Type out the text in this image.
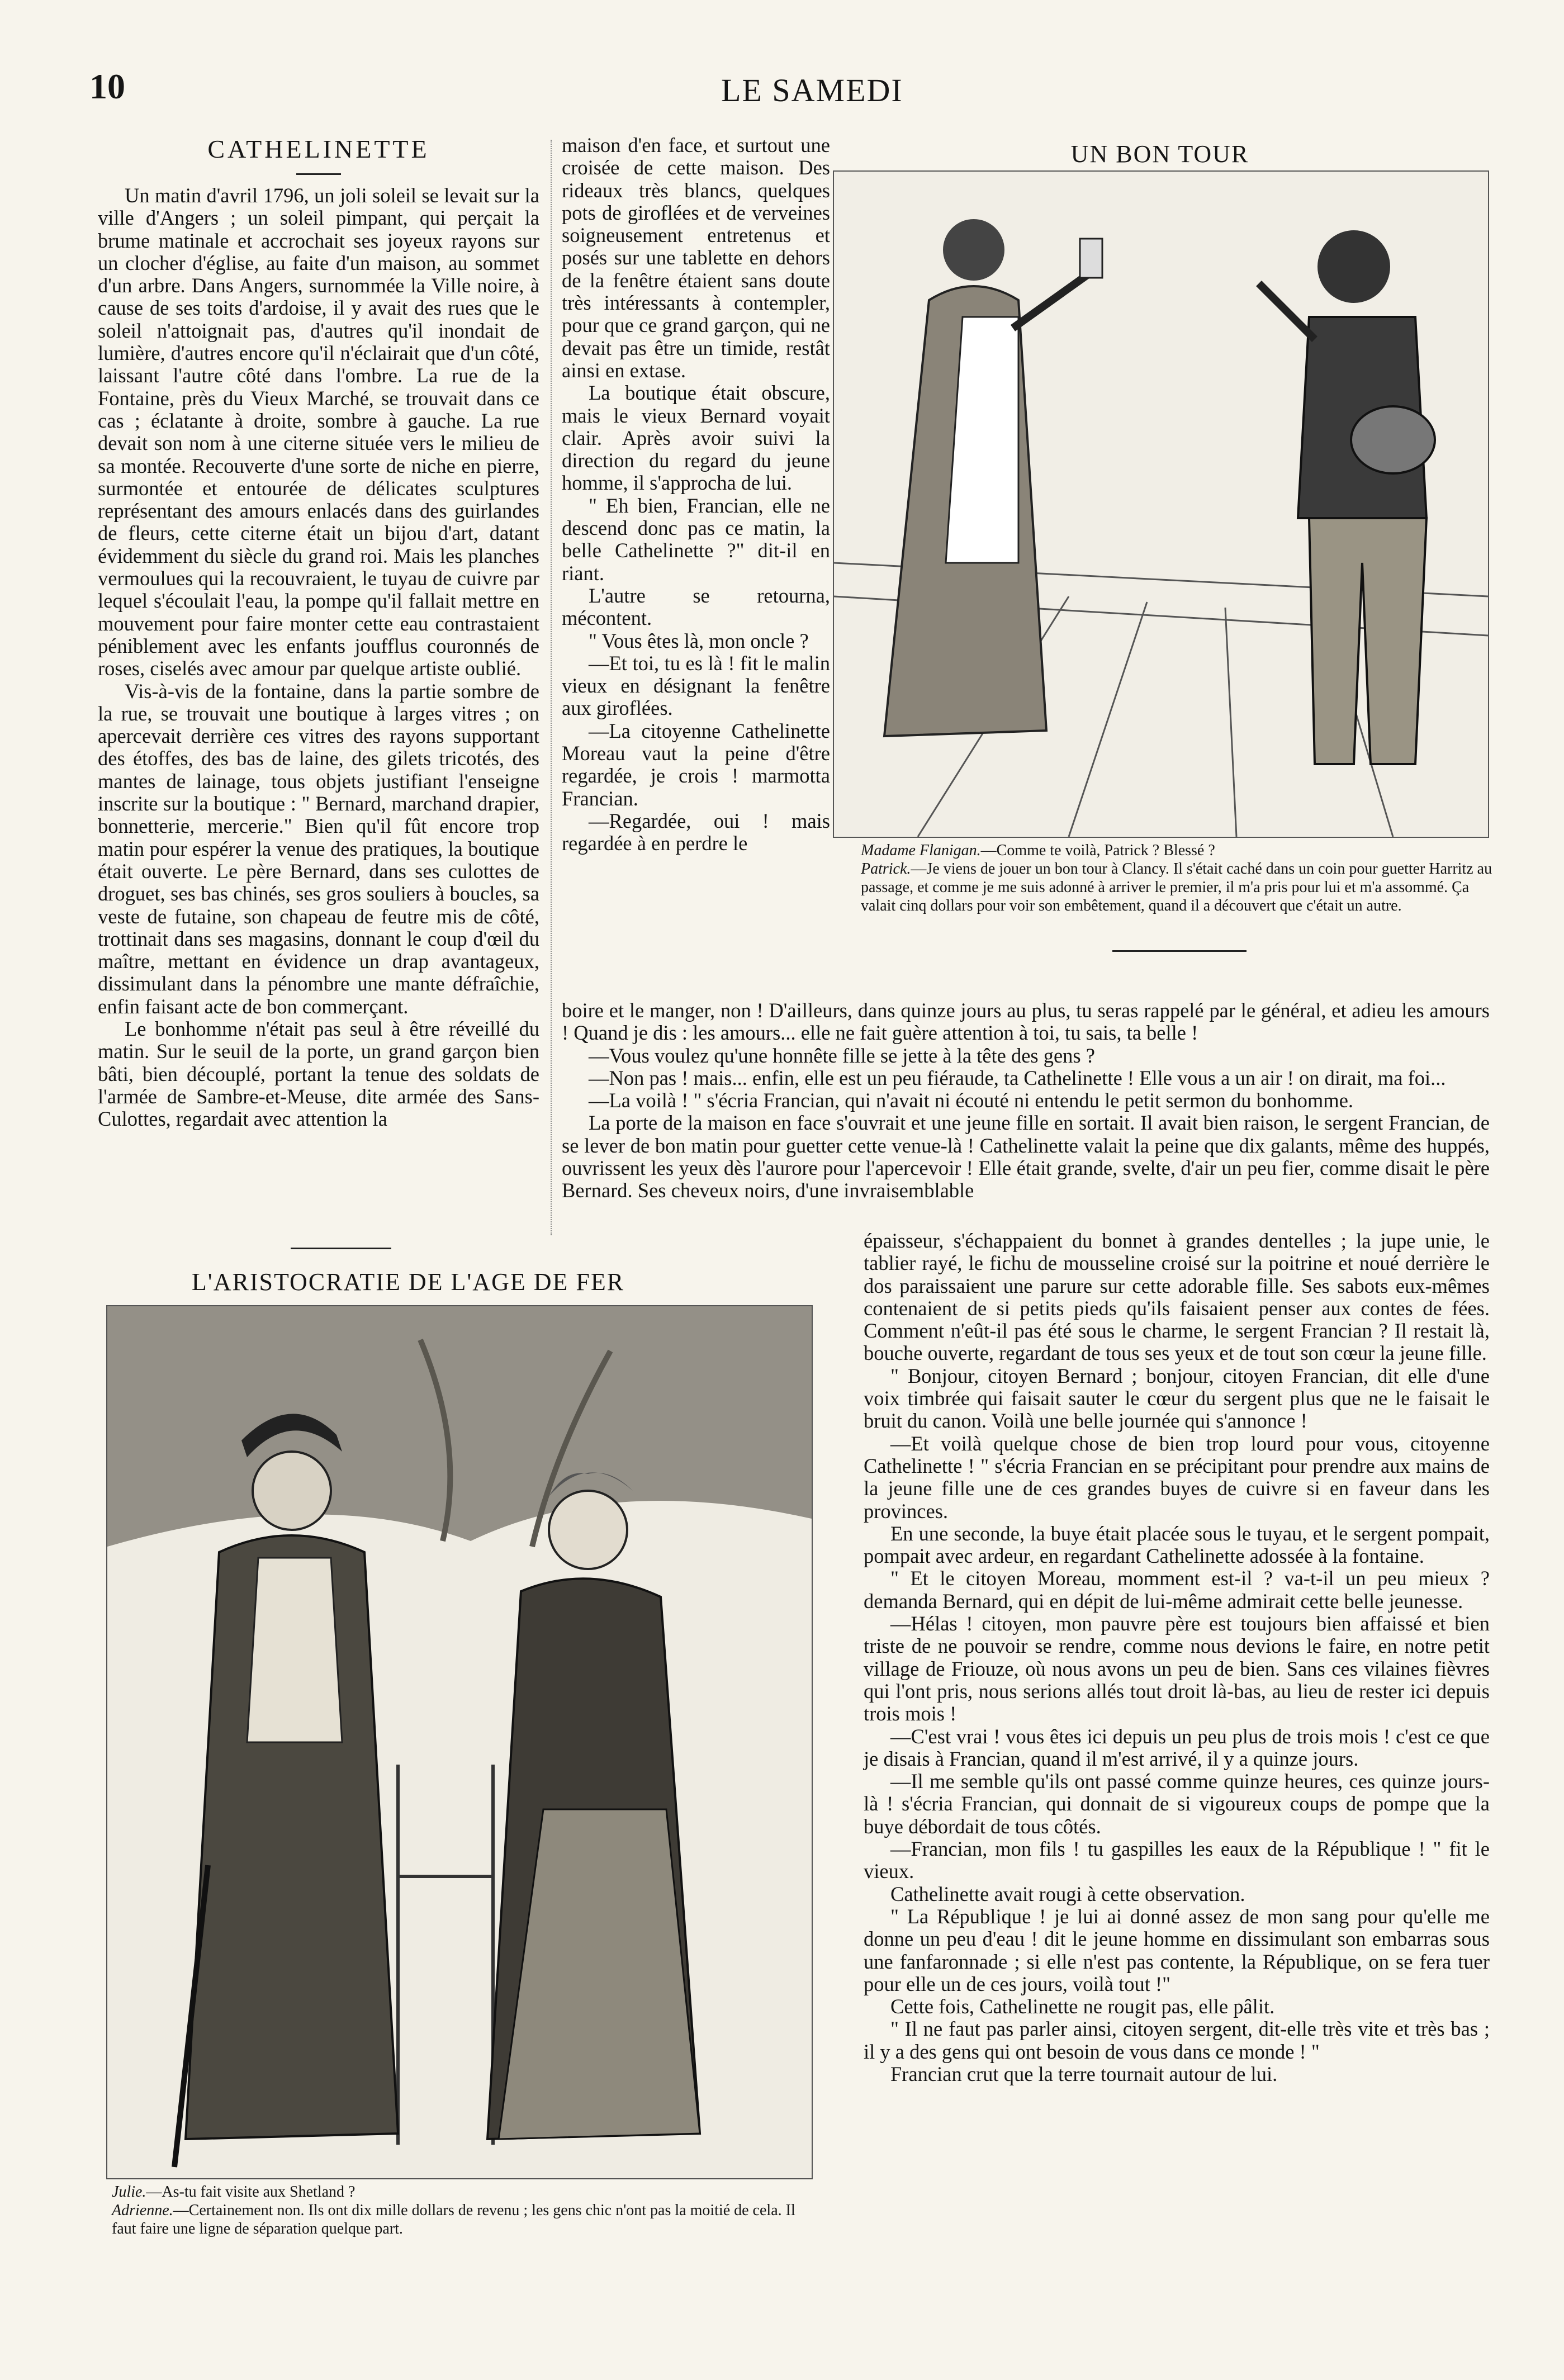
10	LE SAMEDI
CATHELINETTE

Un matin d'avril 1796, un joli soleil se levait sur la ville d'Angers ; un soleil pimpant, qui perçait la brume matinale et accrochait ses joyeux rayons sur un clocher d'église, au faite d'un maison, au sommet d'un arbre. Dans Angers, surnommée la Ville noire, à cause de ses toits d'ardoise, il y avait des rues que le soleil n'attoignait pas, d'autres qu'il inondait de lumière, d'autres encore qu'il n'éclairait que d'un côté, laissant l'autre côté dans l'ombre. La rue de la Fontaine, près du Vieux Marché, se trouvait dans ce cas ; éclatante à droite, sombre à gauche. La rue devait son nom à une citerne située vers le milieu de sa montée. Recouverte d'une sorte de niche en pierre, surmontée et entourée de délicates sculptures représentant des amours enlacés dans des guirlandes de fleurs, cette citerne était un bijou d'art, datant évidemment du siècle du grand roi. Mais les planches vermoulues qui la recouvraient, le tuyau de cuivre par lequel s'écoulait l'eau, la pompe qu'il fallait mettre en mouvement pour faire monter cette eau contrastaient péniblement avec les enfants joufflus couronnés de roses, ciselés avec amour par quelque artiste oublié.

Vis-à-vis de la fontaine, dans la partie sombre de la rue, se trouvait une boutique à larges vitres ; on apercevait derrière ces vitres des rayons supportant des étoffes, des bas de laine, des gilets tricotés, des mantes de lainage, tous objets justifiant l'enseigne inscrite sur la boutique : " Bernard, marchand drapier, bonnetterie, mercerie." Bien qu'il fût encore trop matin pour espérer la venue des pratiques, la boutique était ouverte. Le père Bernard, dans ses culottes de droguet, ses bas chinés, ses gros souliers à boucles, sa veste de futaine, son chapeau de feutre mis de côté, trottinait dans ses magasins, donnant le coup d'œil du maître, mettant en évidence un drap avantageux, dissimulant dans la pénombre une mante défraîchie, enfin faisant acte de bon commerçant.

Le bonhomme n'était pas seul à être réveillé du matin. Sur le seuil de la porte, un grand garçon bien bâti, bien découplé, portant la tenue des soldats de l'armée de Sambre-et-Meuse, dite armée des Sans-Culottes, regardait avec attention la

maison d'en face, et surtout une croisée de cette maison. Des rideaux très blancs, quelques pots de giroflées et de verveines soigneusement entretenus et posés sur une tablette en dehors de la fenêtre étaient sans doute très intéressants à contempler, pour que ce grand garçon, qui ne devait pas être un timide, restât ainsi en extase.

La boutique était obscure, mais le vieux Bernard voyait clair. Après avoir suivi la direction du regard du jeune homme, il s'approcha de lui.

" Eh bien, Francian, elle ne descend donc pas ce matin, la belle Cathelinette ?" dit-il en riant.

L'autre se retourna, mécontent.

" Vous êtes là, mon oncle ?

—Et toi, tu es là ! fit le malin vieux en désignant la fenêtre aux giroflées.

—La citoyenne Cathelinette Moreau vaut la peine d'être regardée, je crois ! marmotta Francian.

—Regardée, oui ! mais regardée à en perdre le

UN BON TOUR

Madame Flanigan.—Comme te voilà, Patrick ? Blessé ?

Patrick.—Je viens de jouer un bon tour à Clancy. Il s'était caché dans un coin pour guetter Harritz au passage, et comme je me suis adonné à arriver le premier, il m'a pris pour lui et m'a assommé. Ça valait cinq dollars pour voir son embêtement, quand il a découvert que c'était un autre.

boire et le manger, non ! D'ailleurs, dans quinze jours au plus, tu seras rappelé par le général, et adieu les amours ! Quand je dis : les amours... elle ne fait guère attention à toi, tu sais, ta belle !

—Vous voulez qu'une honnête fille se jette à la tête des gens ?

—Non pas ! mais... enfin, elle est un peu fiéraude, ta Cathelinette ! Elle vous a un air ! on dirait, ma foi...

—La voilà ! " s'écria Francian, qui n'avait ni écouté ni entendu le petit sermon du bonhomme.

La porte de la maison en face s'ouvrait et une jeune fille en sortait. Il avait bien raison, le sergent Francian, de se lever de bon matin pour guetter cette venue-là ! Cathelinette valait la peine que dix galants, même des huppés, ouvrissent les yeux dès l'aurore pour l'apercevoir ! Elle était grande, svelte, d'air un peu fier, comme disait le père Bernard. Ses cheveux noirs, d'une invraisemblable

L'ARISTOCRATIE DE L'AGE DE FER

Julie.—As-tu fait visite aux Shetland ?

Adrienne.—Certainement non. Ils ont dix mille dollars de revenu ; les gens chic n'ont pas la moitié de cela. Il faut faire une ligne de séparation quelque part.

épaisseur, s'échappaient du bonnet à grandes dentelles ; la jupe unie, le tablier rayé, le fichu de mousseline croisé sur la poitrine et noué derrière le dos paraissaient une parure sur cette adorable fille. Ses sabots eux-mêmes contenaient de si petits pieds qu'ils faisaient penser aux contes de fées. Comment n'eût-il pas été sous le charme, le sergent Francian ? Il restait là, bouche ouverte, regardant de tous ses yeux et de tout son cœur la jeune fille.

" Bonjour, citoyen Bernard ; bonjour, citoyen Francian, dit elle d'une voix timbrée qui faisait sauter le cœur du sergent plus que ne le faisait le bruit du canon. Voilà une belle journée qui s'annonce !

—Et voilà quelque chose de bien trop lourd pour vous, citoyenne Cathelinette ! " s'écria Francian en se précipitant pour prendre aux mains de la jeune fille une de ces grandes buyes de cuivre si en faveur dans les provinces.

En une seconde, la buye était placée sous le tuyau, et le sergent pompait, pompait avec ardeur, en regardant Cathelinette adossée à la fontaine.

" Et le citoyen Moreau, momment est-il ? va-t-il un peu mieux ? demanda Bernard, qui en dépit de lui-même admirait cette belle jeunesse.

—Hélas ! citoyen, mon pauvre père est toujours bien affaissé et bien triste de ne pouvoir se rendre, comme nous devions le faire, en notre petit village de Friouze, où nous avons un peu de bien. Sans ces vilaines fièvres qui l'ont pris, nous serions allés tout droit là-bas, au lieu de rester ici depuis trois mois !

—C'est vrai ! vous êtes ici depuis un peu plus de trois mois ! c'est ce que je disais à Francian, quand il m'est arrivé, il y a quinze jours.

—Il me semble qu'ils ont passé comme quinze heures, ces quinze jours-là ! s'écria Francian, qui donnait de si vigoureux coups de pompe que la buye débordait de tous côtés.

—Francian, mon fils ! tu gaspilles les eaux de la République ! " fit le vieux.

Cathelinette avait rougi à cette observation.

" La République ! je lui ai donné assez de mon sang pour qu'elle me donne un peu d'eau ! dit le jeune homme en dissimulant son embarras sous une fanfaronnade ; si elle n'est pas contente, la République, on se fera tuer pour elle un de ces jours, voilà tout !"

Cette fois, Cathelinette ne rougit pas, elle pâlit.

" Il ne faut pas parler ainsi, citoyen sergent, dit-elle très vite et très bas ; il y a des gens qui ont besoin de vous dans ce monde ! "

Francian crut que la terre tournait autour de lui.
